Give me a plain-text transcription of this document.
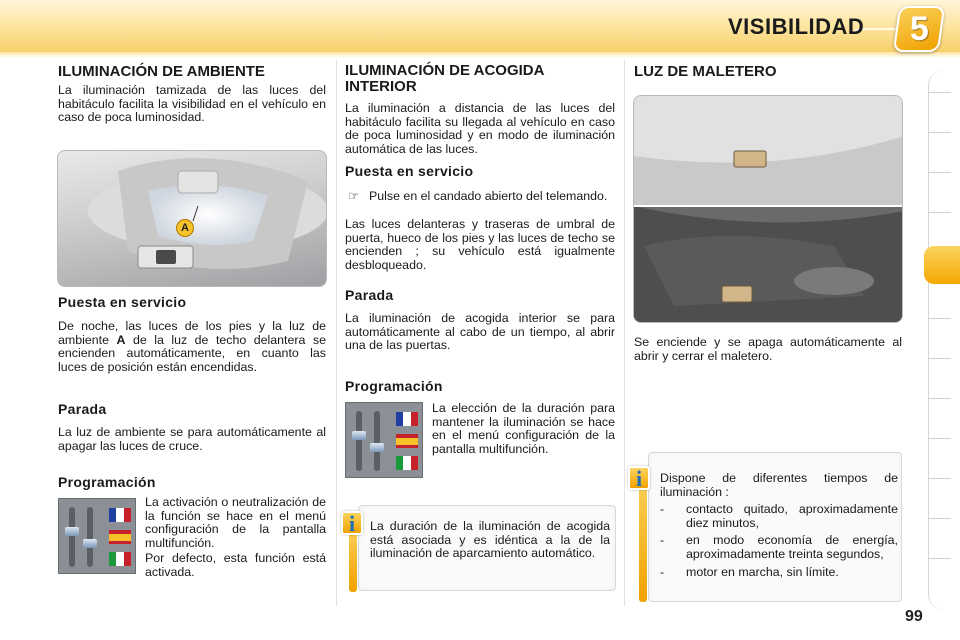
VISIBILIDAD 5
ILUMINACIÓN DE AMBIENTE

La iluminación tamizada de las luces del habitáculo facilita la visibilidad en el vehículo en caso de poca luminosidad.

A
Puesta en servicio

De noche, las luces de los pies y la luz de ambiente A de la luz de techo delantera se encienden automáticamente, en cuanto las luces de posición están encendidas.

Parada

La luz de ambiente se para automáticamente al apagar las luces de cruce.

Programación

La activación o neutralización de la función se hace en el menú configuración de la pantalla multifunción.

Por defecto, esta función está activada.

ILUMINACIÓN DE ACOGIDA INTERIOR

La iluminación a distancia de las luces del habitáculo facilita su llegada al vehículo en caso de poca luminosidad y en modo de iluminación automática de las luces.

Puesta en servicio
☞ Pulse en el candado abierto del telemando.

Las luces delanteras y traseras de umbral de puerta, hueco de los pies y las luces de techo se encienden ; su vehículo está igualmente desbloqueado.

Parada

La iluminación de acogida interior se para automáticamente al cabo de un tiempo, al abrir una de las puertas.

Programación

La elección de la duración para mantener la iluminación se hace en el menú configuración de la pantalla multifunción.

i	La duración de la iluminación de acogida está asociada y es idéntica a la de la iluminación de aparcamiento automático.

LUZ DE MALETERO

Se enciende y se apaga automáticamente al abrir y cerrar el maletero.

i	Dispone de diferentes tiempos de iluminación :

- contacto quitado, aproximadamente diez minutos,
- en modo economía de energía, aproximadamente treinta segundos,
- motor en marcha, sin límite.
99
